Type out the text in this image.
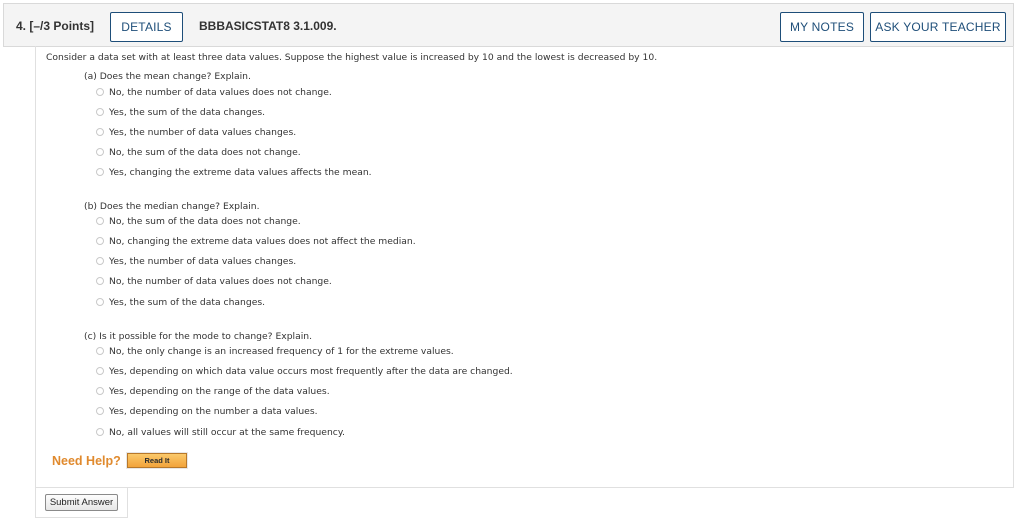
4. [–/3 Points]	DETAILS	BBBASICSTAT8 3.1.009.	MY NOTES	ASK YOUR TEACHER
Consider a data set with at least three data values. Suppose the highest value is increased by 10 and the lowest is decreased by 10.
(a) Does the mean change? Explain.
No, the number of data values does not change.
Yes, the sum of the data changes.
Yes, the number of data values changes.
No, the sum of the data does not change.
Yes, changing the extreme data values affects the mean.
(b) Does the median change? Explain.
No, the sum of the data does not change.
No, changing the extreme data values does not affect the median.
Yes, the number of data values changes.
No, the number of data values does not change.
Yes, the sum of the data changes.
(c) Is it possible for the mode to change? Explain.
No, the only change is an increased frequency of 1 for the extreme values.
Yes, depending on which data value occurs most frequently after the data are changed.
Yes, depending on the range of the data values.
Yes, depending on the number a data values.
No, all values will still occur at the same frequency.
Need Help?	Read It
Submit Answer
